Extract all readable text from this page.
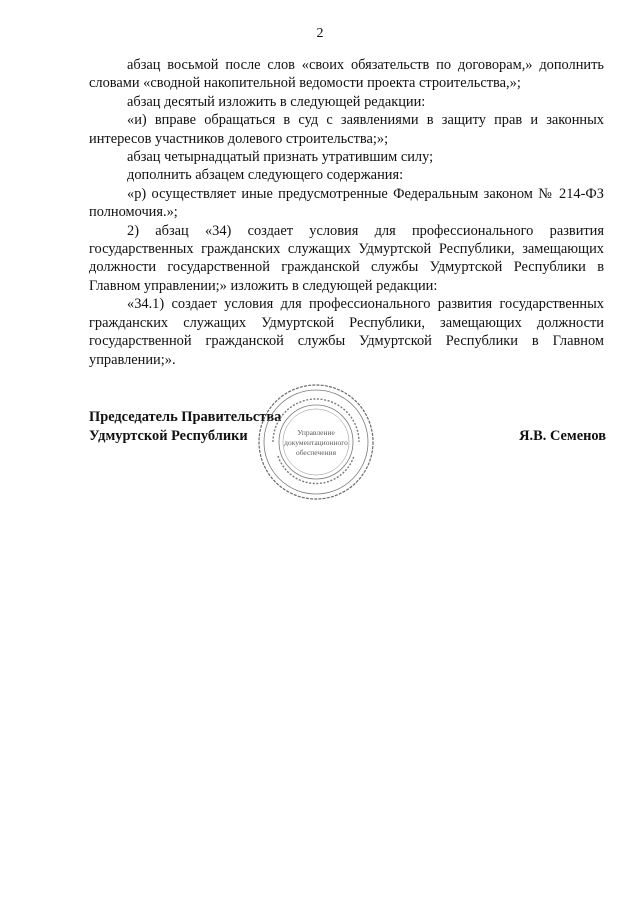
2

абзац восьмой после слов «своих обязательств по договорам,» дополнить словами «сводной накопительной ведомости проекта строительства,»;

абзац десятый изложить в следующей редакции:

«и) вправе обращаться в суд с заявлениями в защиту прав и законных интересов участников долевого строительства;»;

абзац четырнадцатый признать утратившим силу;

дополнить абзацем следующего содержания:

«р) осуществляет иные предусмотренные Федеральным законом № 214-ФЗ полномочия.»;

2) абзац «34) создает условия для профессионального развития государственных гражданских служащих Удмуртской Республики, замещающих должности государственной гражданской службы Удмуртской Республики в Главном управлении;» изложить в следующей редакции:

«34.1) создает условия для профессионального развития государственных гражданских служащих Удмуртской Республики, замещающих должности государственной гражданской службы Удмуртской Республики в Главном управлении;».

Председатель Правительства
Удмуртской Республики	Я.В. Семенов
Управление
документационного
обеспечения
